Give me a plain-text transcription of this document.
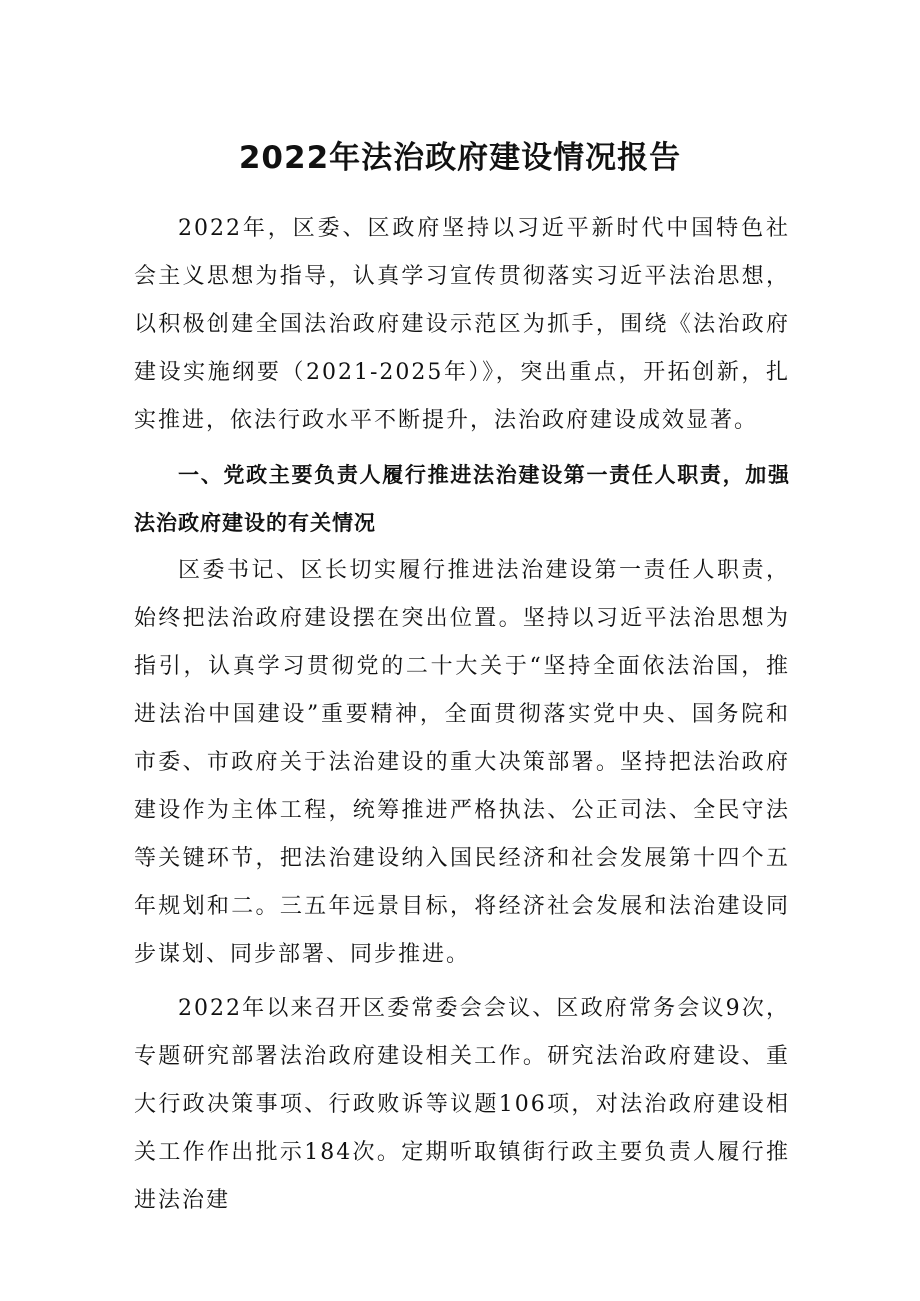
2022年法治政府建设情况报告

2022年，区委、区政府坚持以习近平新时代中国特色社会主义思想为指导，认真学习宣传贯彻落实习近平法治思想，以积极创建全国法治政府建设示范区为抓手，围绕《法治政府建设实施纲要（2021-2025年）》，突出重点，开拓创新，扎实推进，依法行政水平不断提升，法治政府建设成效显著。

一、党政主要负责人履行推进法治建设第一责任人职责，加强法治政府建设的有关情况

区委书记、区长切实履行推进法治建设第一责任人职责，始终把法治政府建设摆在突出位置。坚持以习近平法治思想为指引，认真学习贯彻党的二十大关于“坚持全面依法治国，推进法治中国建设”重要精神，全面贯彻落实党中央、国务院和市委、市政府关于法治建设的重大决策部署。坚持把法治政府建设作为主体工程，统筹推进严格执法、公正司法、全民守法等关键环节，把法治建设纳入国民经济和社会发展第十四个五年规划和二。三五年远景目标，将经济社会发展和法治建设同步谋划、同步部署、同步推进。

2022年以来召开区委常委会会议、区政府常务会议9次，专题研究部署法治政府建设相关工作。研究法治政府建设、重大行政决策事项、行政败诉等议题106项，对法治政府建设相关工作作出批示184次。定期听取镇街行政主要负责人履行推进法治建
